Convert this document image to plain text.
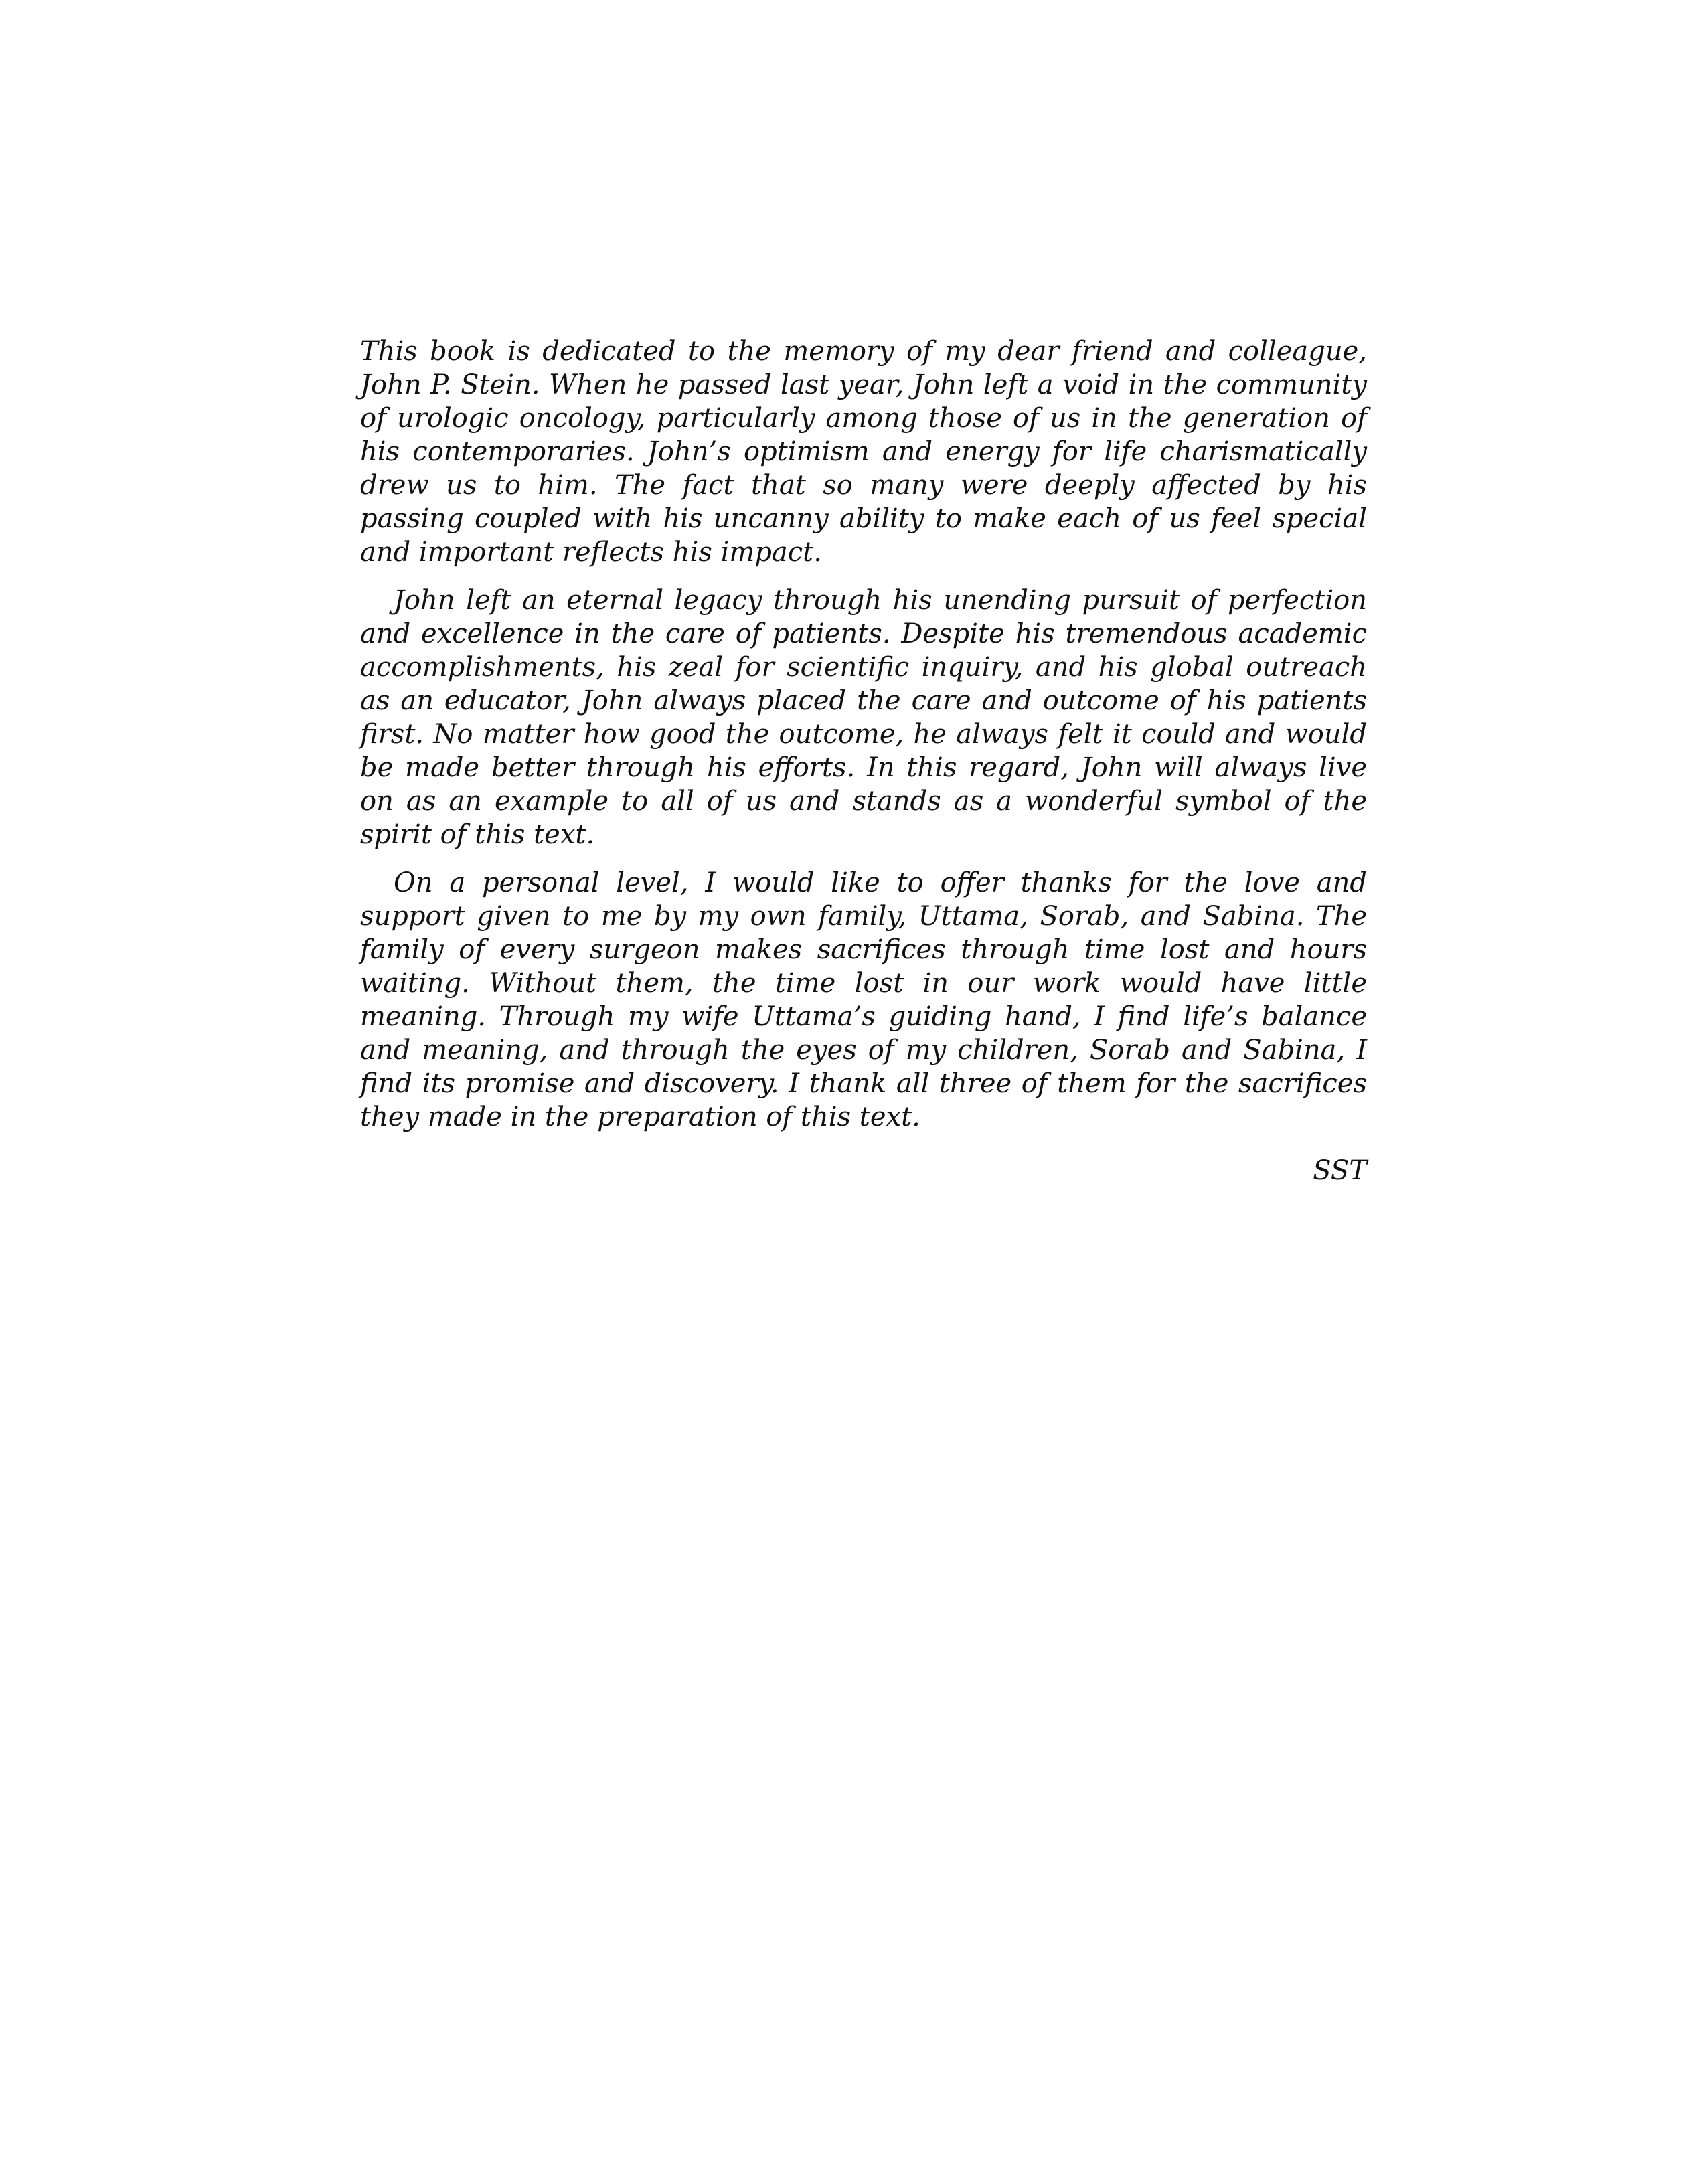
This book is dedicated to the memory of my dear friend and colleague, John P. Stein. When he passed last year, John left a void in the community of urologic oncology, particularly among those of us in the generation of his contemporaries. John’s optimism and energy for life charismatically drew us to him. The fact that so many were deeply affected by his passing coupled with his uncanny ability to make each of us feel special and important reflects his impact.

John left an eternal legacy through his unending pursuit of perfection and excellence in the care of patients. Despite his tremendous academic accomplishments, his zeal for scientific inquiry, and his global outreach as an educator, John always placed the care and outcome of his patients first. No matter how good the outcome, he always felt it could and would be made better through his efforts. In this regard, John will always live on as an example to all of us and stands as a wonderful symbol of the spirit of this text.

On a personal level, I would like to offer thanks for the love and support given to me by my own family, Uttama, Sorab, and Sabina. The family of every surgeon makes sacrifices through time lost and hours waiting. Without them, the time lost in our work would have little meaning. Through my wife Uttama’s guiding hand, I find life’s balance and meaning, and through the eyes of my children, Sorab and Sabina, I find its promise and discovery. I thank all three of them for the sacrifices they made in the preparation of this text.

SST
